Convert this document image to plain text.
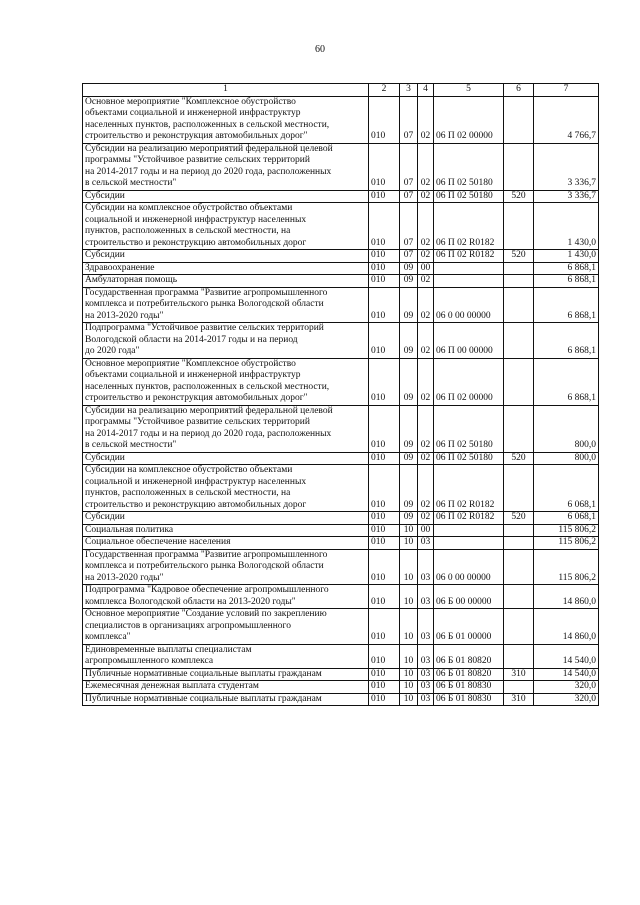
60
1	2	3	4	5	6	7

Основное мероприятие "Комплексное обустройство
объектами социальной и инженерной инфраструктур
населенных пунктов, расположенных в сельской местности,
строительство и реконструкция автомобильных дорог"	010	07	02	06 П 02 00000		4 766,7

Субсидии на реализацию мероприятий федеральной целевой
программы "Устойчивое развитие сельских территорий
на 2014-2017 годы и на период до 2020 года, расположенных
в сельской местности"	010	07	02	06 П 02 50180		3 336,7

Субсидии	010	07	02	06 П 02 50180	520	3 336,7

Субсидии на комплексное обустройство объектами
социальной и инженерной инфраструктур населенных
пунктов, расположенных в сельской местности, на
строительство и реконструкцию автомобильных дорог	010	07	02	06 П 02 R0182		1 430,0

Субсидии	010	07	02	06 П 02 R0182	520	1 430,0

Здравоохранение	010	09	00			6 868,1

Амбулаторная помощь	010	09	02			6 868,1

Государственная программа "Развитие агропромышленного
комплекса и потребительского рынка Вологодской области
на 2013-2020 годы"	010	09	02	06 0 00 00000		6 868,1

Подпрограмма "Устойчивое развитие сельских территорий
Вологодской области на 2014-2017 годы и на период
до 2020 года"	010	09	02	06 П 00 00000		6 868,1

Основное мероприятие "Комплексное обустройство
объектами социальной и инженерной инфраструктур
населенных пунктов, расположенных в сельской местности,
строительство и реконструкция автомобильных дорог"	010	09	02	06 П 02 00000		6 868,1

Субсидии на реализацию мероприятий федеральной целевой
программы "Устойчивое развитие сельских территорий
на 2014-2017 годы и на период до 2020 года, расположенных
в сельской местности"	010	09	02	06 П 02 50180		800,0

Субсидии	010	09	02	06 П 02 50180	520	800,0

Субсидии на комплексное обустройство объектами
социальной и инженерной инфраструктур населенных
пунктов, расположенных в сельской местности, на
строительство и реконструкцию автомобильных дорог	010	09	02	06 П 02 R0182		6 068,1

Субсидии	010	09	02	06 П 02 R0182	520	6 068,1

Социальная политика	010	10	00			115 806,2

Социальное обеспечение населения	010	10	03			115 806,2

Государственная программа "Развитие агропромышленного
комплекса и потребительского рынка Вологодской области
на 2013-2020 годы"	010	10	03	06 0 00 00000		115 806,2

Подпрограмма "Кадровое обеспечение агропромышленного
комплекса Вологодской области на 2013-2020 годы"	010	10	03	06 Б 00 00000		14 860,0

Основное мероприятие "Создание условий по закреплению
специалистов в организациях агропромышленного
комплекса"	010	10	03	06 Б 01 00000		14 860,0

Единовременные выплаты специалистам
агропромышленного комплекса	010	10	03	06 Б 01 80820		14 540,0

Публичные нормативные социальные выплаты гражданам	010	10	03	06 Б 01 80820	310	14 540,0

Ежемесячная денежная выплата студентам	010	10	03	06 Б 01 80830		320,0

Публичные нормативные социальные выплаты гражданам	010	10	03	06 Б 01 80830	310	320,0
